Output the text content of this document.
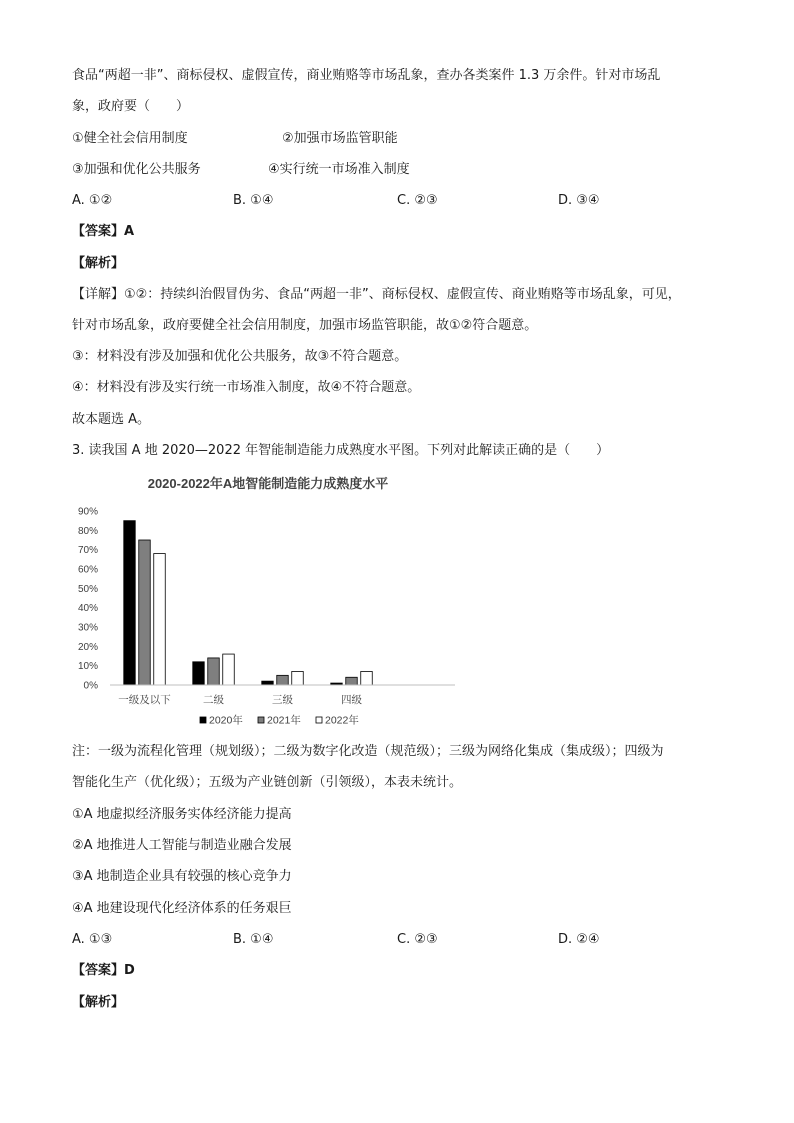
食品“两超一非”、商标侵权、虚假宣传，商业贿赂等市场乱象，查办各类案件 1.3 万余件。针对市场乱
象，政府要（　　）
①健全社会信用制度	②加强市场监管职能
③加强和优化公共服务	④实行统一市场准入制度
A. ①②	B. ①④	C. ②③	D. ③④
【答案】A
【解析】
【详解】①②：持续纠治假冒伪劣、食品“两超一非”、商标侵权、虚假宣传、商业贿赂等市场乱象，可见，
针对市场乱象，政府要健全社会信用制度，加强市场监管职能，故①②符合题意。
③：材料没有涉及加强和优化公共服务，故③不符合题意。
④：材料没有涉及实行统一市场准入制度，故④不符合题意。
故本题选 A。
3. 读我国 A 地 2020—2022 年智能制造能力成熟度水平图。下列对此解读正确的是（　　）
2020-2022年A地智能制造能力成熟度水平
0%
10%
20%
30%
40%
50%
60%
70%
80%
90%
一级及以下	二级	三级	四级
2020年 2021年 2022年
注：一级为流程化管理（规划级）；二级为数字化改造（规范级）；三级为网络化集成（集成级）；四级为
智能化生产（优化级）；五级为产业链创新（引领级），本表未统计。
①A 地虚拟经济服务实体经济能力提高
②A 地推进人工智能与制造业融合发展
③A 地制造企业具有较强的核心竞争力
④A 地建设现代化经济体系的任务艰巨
A. ①③	B. ①④	C. ②③	D. ②④
【答案】D
【解析】
